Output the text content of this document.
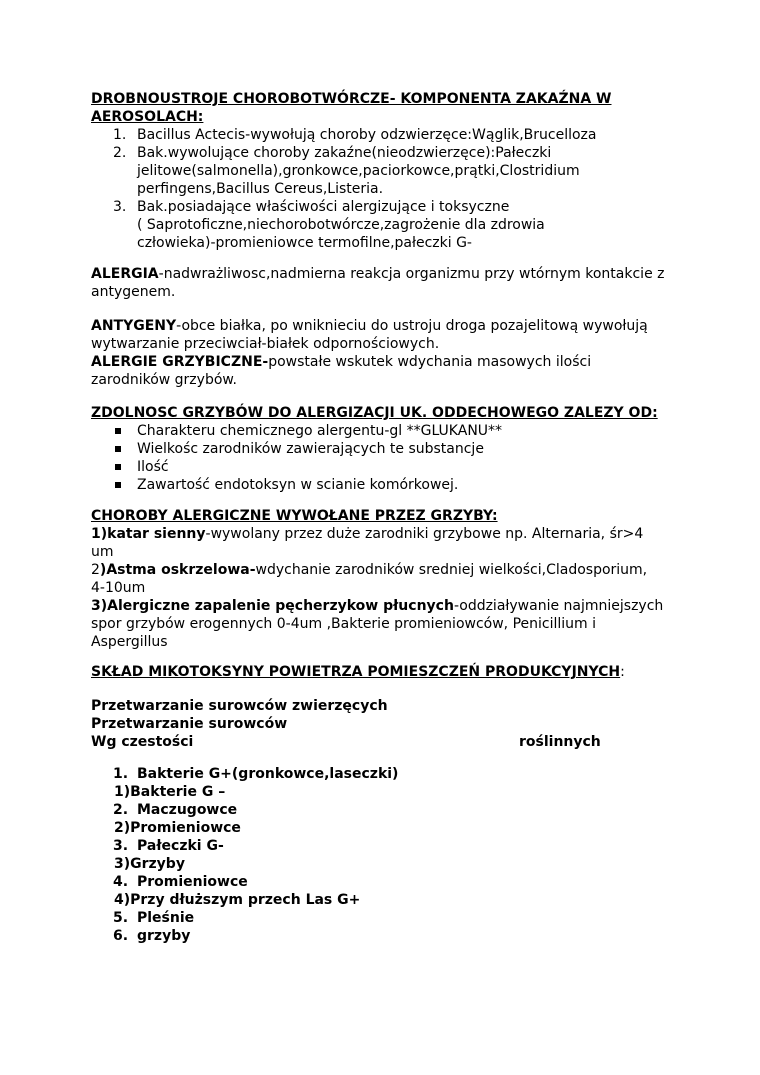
DROBNOUSTROJE CHOROBOTWÓRCZE- KOMPONENTA ZAKAŹNA W
AEROSOLACH:
1. Bacillus Actecis-wywołują choroby odzwierzęce:Wąglik,Brucelloza
2. Bak.wywolujące choroby zakaźne(nieodzwierzęce):Pałeczki
jelitowe(salmonella),gronkowce,paciorkowce,prątki,Clostridium
perfingens,Bacillus Cereus,Listeria.
3. Bak.posiadające właściwości alergizujące i toksyczne
( Saprotoficzne,niechorobotwórcze,zagrożenie dla zdrowia
człowieka)-promieniowce termofilne,pałeczki G-
ALERGIA-nadwrażliwosc,nadmierna reakcja organizmu przy wtórnym kontakcie z
antygenem.
ANTYGENY-obce białka, po wniknieciu do ustroju droga pozajelitową wywołują
wytwarzanie przeciwciał-białek odpornościowych.
ALERGIE GRZYBICZNE-powstałe wskutek wdychania masowych ilości
zarodników grzybów.
ZDOLNOSC GRZYBÓW DO ALERGIZACJI UK. ODDECHOWEGO ZALEZY OD:
Charakteru chemicznego alergentu-gl **GLUKANU**
Wielkośc zarodników zawierających te substancje
Ilość
Zawartość endotoksyn w scianie komórkowej.
CHOROBY ALERGICZNE WYWOŁANE PRZEZ GRZYBY:
1)katar sienny-wywolany przez duże zarodniki grzybowe np. Alternaria, śr>4
um
2)Astma oskrzelowa-wdychanie zarodników sredniej wielkości,Cladosporium,
4-10um
3)Alergiczne zapalenie pęcherzykow płucnych-oddziaływanie najmniejszych
spor grzybów erogennych 0-4um ,Bakterie promieniowców, Penicillium i
Aspergillus
SKŁAD MIKOTOKSYNY POWIETRZA POMIESZCZEŃ PRODUKCYJNYCH:
Przetwarzanie surowców zwierzęcych
Przetwarzanie surowców
Wg czestości	roślinnych
1. Bakterie G+(gronkowce,laseczki)
1)Bakterie G –
2. Maczugowce
2)Promieniowce
3. Pałeczki G-
3)Grzyby
4. Promieniowce
4)Przy dłuższym przech Las G+
5. Pleśnie
6. grzyby
